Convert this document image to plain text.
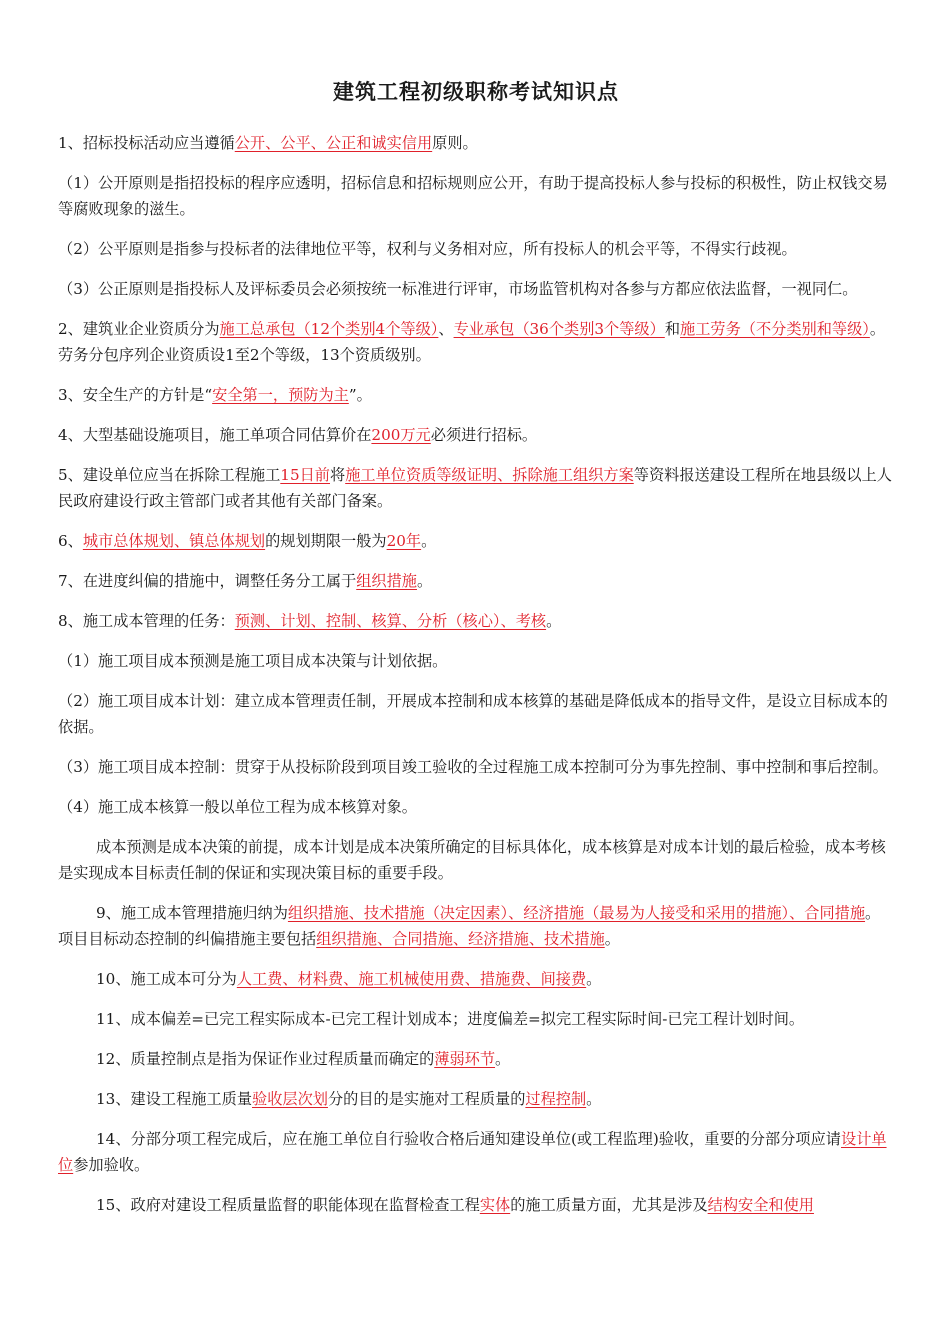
建筑工程初级职称考试知识点

1、招标投标活动应当遵循公开、公平、公正和诚实信用原则。

（1）公开原则是指招投标的程序应透明，招标信息和招标规则应公开，有助于提高投标人参与投标的积极性，防止权钱交易等腐败现象的滋生。

（2）公平原则是指参与投标者的法律地位平等，权利与义务相对应，所有投标人的机会平等，不得实行歧视。

（3）公正原则是指投标人及评标委员会必须按统一标准进行评审，市场监管机构对各参与方都应依法监督，一视同仁。

2、建筑业企业资质分为施工总承包（12个类别4个等级）、专业承包（36个类别3个等级）和施工劳务（不分类别和等级）。劳务分包序列企业资质设1至2个等级，13个资质级别。

3、安全生产的方针是“安全第一，预防为主”。

4、大型基础设施项目，施工单项合同估算价在200万元必须进行招标。

5、建设单位应当在拆除工程施工15日前将施工单位资质等级证明、拆除施工组织方案等资料报送建设工程所在地县级以上人民政府建设行政主管部门或者其他有关部门备案。

6、城市总体规划、镇总体规划的规划期限一般为20年。

7、在进度纠偏的措施中，调整任务分工属于组织措施。

8、施工成本管理的任务：预测、计划、控制、核算、分析（核心）、考核。

（1）施工项目成本预测是施工项目成本决策与计划依据。

（2）施工项目成本计划：建立成本管理责任制，开展成本控制和成本核算的基础是降低成本的指导文件，是设立目标成本的依据。

（3）施工项目成本控制：贯穿于从投标阶段到项目竣工验收的全过程施工成本控制可分为事先控制、事中控制和事后控制。

（4）施工成本核算一般以单位工程为成本核算对象。

成本预测是成本决策的前提，成本计划是成本决策所确定的目标具体化，成本核算是对成本计划的最后检验，成本考核是实现成本目标责任制的保证和实现决策目标的重要手段。

9、施工成本管理措施归纳为组织措施、技术措施（决定因素）、经济措施（最易为人接受和采用的措施）、合同措施。项目目标动态控制的纠偏措施主要包括组织措施、合同措施、经济措施、技术措施。

10、施工成本可分为人工费、材料费、施工机械使用费、措施费、间接费。

11、成本偏差=已完工程实际成本-已完工程计划成本；进度偏差=拟完工程实际时间-已完工程计划时间。

12、质量控制点是指为保证作业过程质量而确定的薄弱环节。

13、建设工程施工质量验收层次划分的目的是实施对工程质量的过程控制。

14、分部分项工程完成后，应在施工单位自行验收合格后通知建设单位(或工程监理)验收，重要的分部分项应请设计单位参加验收。

15、政府对建设工程质量监督的职能体现在监督检查工程实体的施工质量方面，尤其是涉及结构安全和使用
